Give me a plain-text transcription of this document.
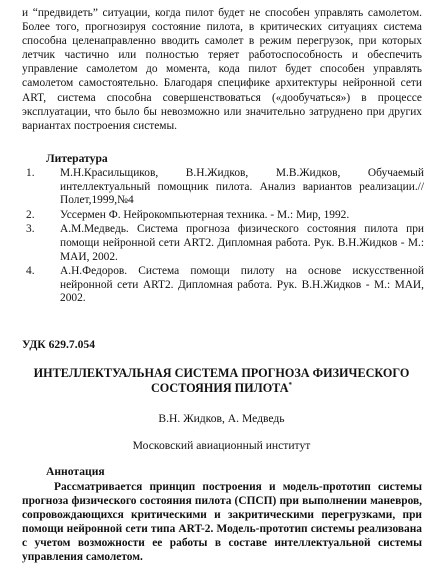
и “предвидеть” ситуации, когда пилот будет не способен управлять самолетом. Более того, прогнозируя состояние пилота, в критических ситуациях система способна целенаправленно вводить самолет в режим перегрузок, при которых летчик частично или полностью теряет работоспособность и обеспечить управление самолетом до момента, кода пилот будет способен управлять самолетом самостоятельно. Благодаря специфике архитектуры нейронной сети ART, система способна совершенствоваться («дообучаться») в процессе эксплуатации, что было бы невозможно или значительно затруднено при других вариантах построения системы.

Литература
1. М.Н.Красильщиков, В.Н.Жидков, М.В.Жидков, Обучаемый интеллектуальный помощник пилота. Анализ вариантов реализации.//Полет,1999,№4
2. Уссермен Ф. Нейрокомпьютерная техника. - М.: Мир, 1992.
3. А.М.Медведь. Система прогноза физического состояния пилота при помощи нейронной сети ART2. Дипломная работа. Рук. В.Н.Жидков - М.: МАИ, 2002.
4. А.Н.Федоров. Система помощи пилоту на основе искусственной нейронной сети ART2. Дипломная работа. Рук. В.Н.Жидков - М.: МАИ, 2002.
УДК 629.7.054
ИНТЕЛЛЕКТУАЛЬНАЯ СИСТЕМА ПРОГНОЗА ФИЗИЧЕСКОГО СОСТОЯНИЯ ПИЛОТА*
В.Н. Жидков, А. Медведь
Московский авиационный институт
Аннотация

Рассматривается принцип построения и модель-прототип системы прогноза физического состояния пилота (СПСП) при выполнении маневров, сопровождающихся критическими и закритическими перегрузками, при помощи нейронной сети типа ART-2. Модель-прототип системы реализована с учетом возможности ее работы в составе интеллектуальной системы управления самолетом.
